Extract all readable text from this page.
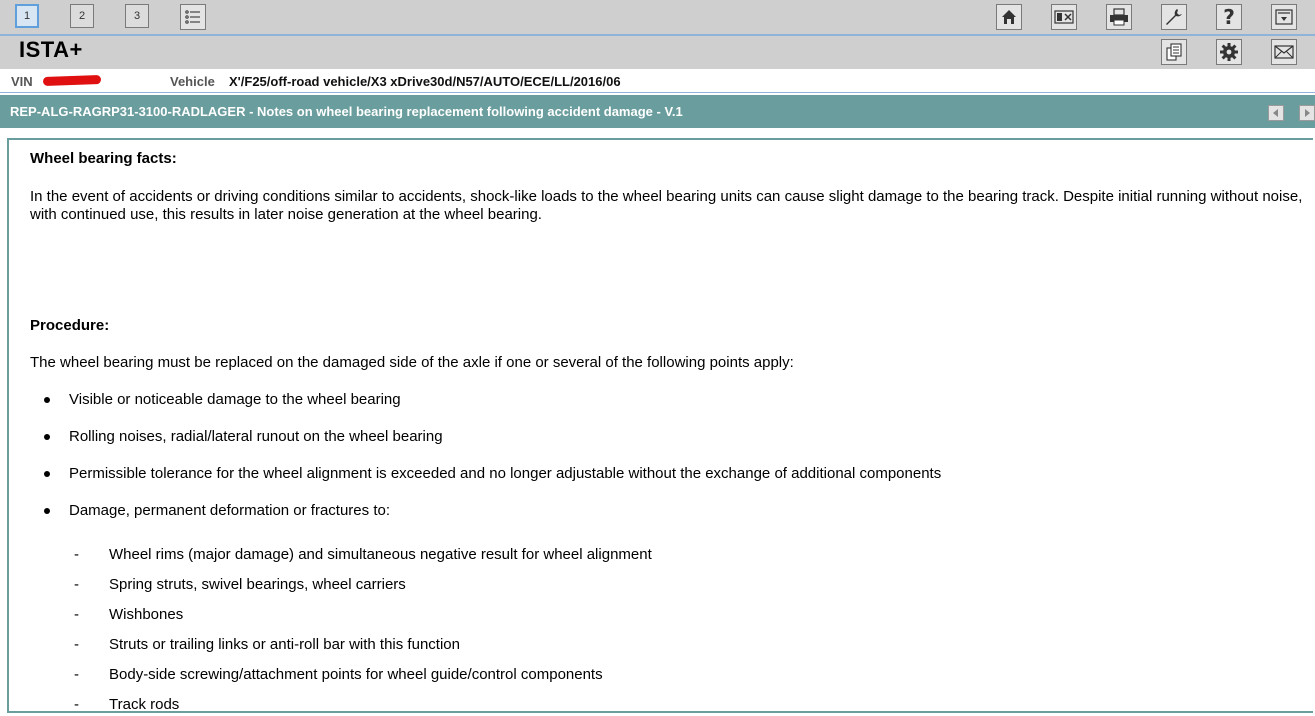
1	2	3	?
ISTA+
VIN	Vehicle X'/F25/off-road vehicle/X3 xDrive30d/N57/AUTO/ECE/LL/2016/06
REP-ALG-RAGRP31-3100-RADLAGER - Notes on wheel bearing replacement following accident damage - V.1
Wheel bearing facts:
In the event of accidents or driving conditions similar to accidents, shock-like loads to the wheel bearing units can cause slight damage to the bearing track. Despite initial running without noise, with continued use, this results in later noise generation at the wheel bearing.
Procedure:
The wheel bearing must be replaced on the damaged side of the axle if one or several of the following points apply:
Visible or noticeable damage to the wheel bearing
Rolling noises, radial/lateral runout on the wheel bearing
Permissible tolerance for the wheel alignment is exceeded and no longer adjustable without the exchange of additional components
Damage, permanent deformation or fractures to:
- Wheel rims (major damage) and simultaneous negative result for wheel alignment
- Spring struts, swivel bearings, wheel carriers
- Wishbones
- Struts or trailing links or anti-roll bar with this function
- Body-side screwing/attachment points for wheel guide/control components
- Track rods
